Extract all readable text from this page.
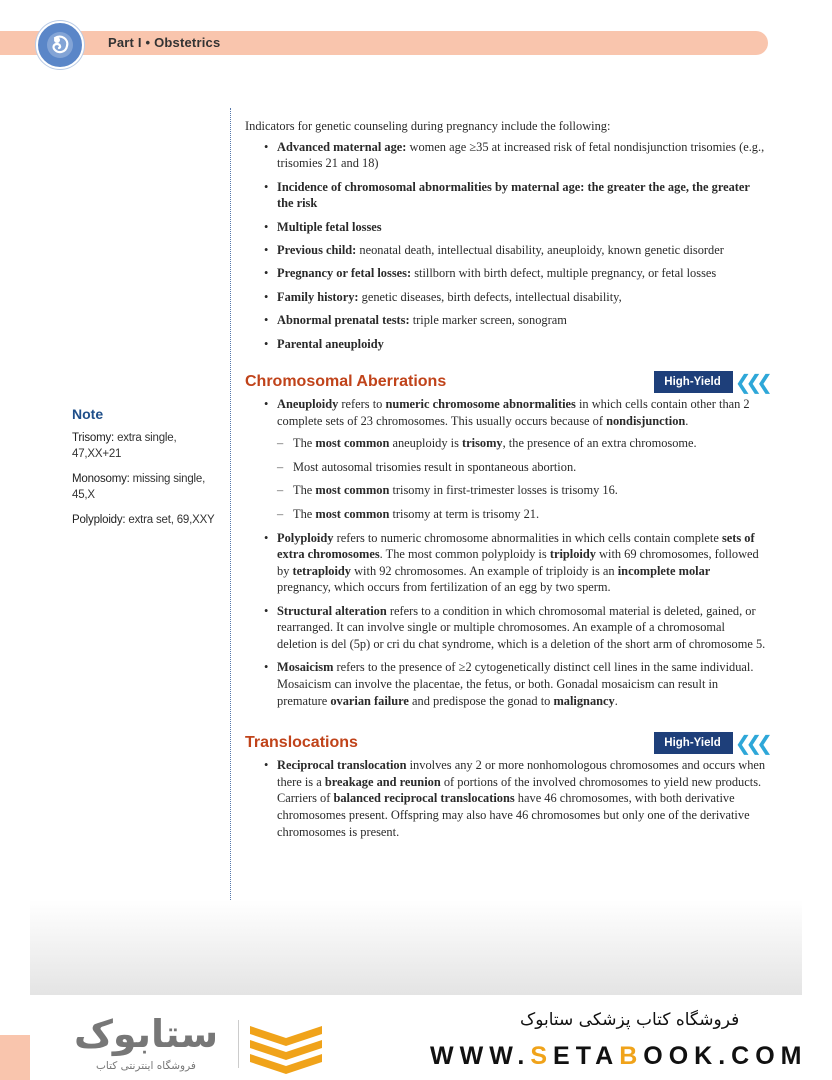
Part I • Obstetrics
Note

Trisomy: extra single, 47,XX+21

Monosomy: missing single, 45,X

Polyploidy: extra set, 69,XXY

Indicators for genetic counseling during pregnancy include the following:

• Advanced maternal age: women age ≥35 at increased risk of fetal nondisjunction trisomies (e.g., trisomies 21 and 18)
• Incidence of chromosomal abnormalities by maternal age: the greater the age, the greater the risk
• Multiple fetal losses
• Previous child: neonatal death, intellectual disability, aneuploidy, known genetic disorder
• Pregnancy or fetal losses: stillborn with birth defect, multiple pregnancy, or fetal losses
• Family history: genetic diseases, birth defects, intellectual disability,
• Abnormal prenatal tests: triple marker screen, sonogram
• Parental aneuploidy
Chromosomal Aberrations	High-Yield ❮❮❮
• Aneuploidy refers to numeric chromosome abnormalities in which cells contain other than 2 complete sets of 23 chromosomes. This usually occurs because of nondisjunction.
– The most common aneuploidy is trisomy, the presence of an extra chromosome.
– Most autosomal trisomies result in spontaneous abortion.
– The most common trisomy in first-trimester losses is trisomy 16.
– The most common trisomy at term is trisomy 21.
• Polyploidy refers to numeric chromosome abnormalities in which cells contain complete sets of extra chromosomes. The most common polyploidy is triploidy with 69 chromosomes, followed by tetraploidy with 92 chromosomes. An example of triploidy is an incomplete molar pregnancy, which occurs from fertilization of an egg by two sperm.
• Structural alteration refers to a condition in which chromosomal material is deleted, gained, or rearranged. It can involve single or multiple chromosomes. An example of a chromosomal deletion is del (5p) or cri du chat syndrome, which is a deletion of the short arm of chromosome 5.
• Mosaicism refers to the presence of ≥2 cytogenetically distinct cell lines in the same individual. Mosaicism can involve the placentae, the fetus, or both. Gonadal mosaicism can result in premature ovarian failure and predispose the gonad to malignancy.
Translocations	High-Yield ❮❮❮
• Reciprocal translocation involves any 2 or more nonhomologous chromosomes and occurs when there is a breakage and reunion of portions of the involved chromosomes to yield new products. Carriers of balanced reciprocal translocations have 46 chromosomes, with both derivative chromosomes present. Offspring may also have 46 chromosomes but only one of the derivative chromosomes is present.
ستابوک
فروشگاه اینترنتی کتاب
فروشگاه کتاب پزشکی ستابوک
WWW.SETABOOK.COM
